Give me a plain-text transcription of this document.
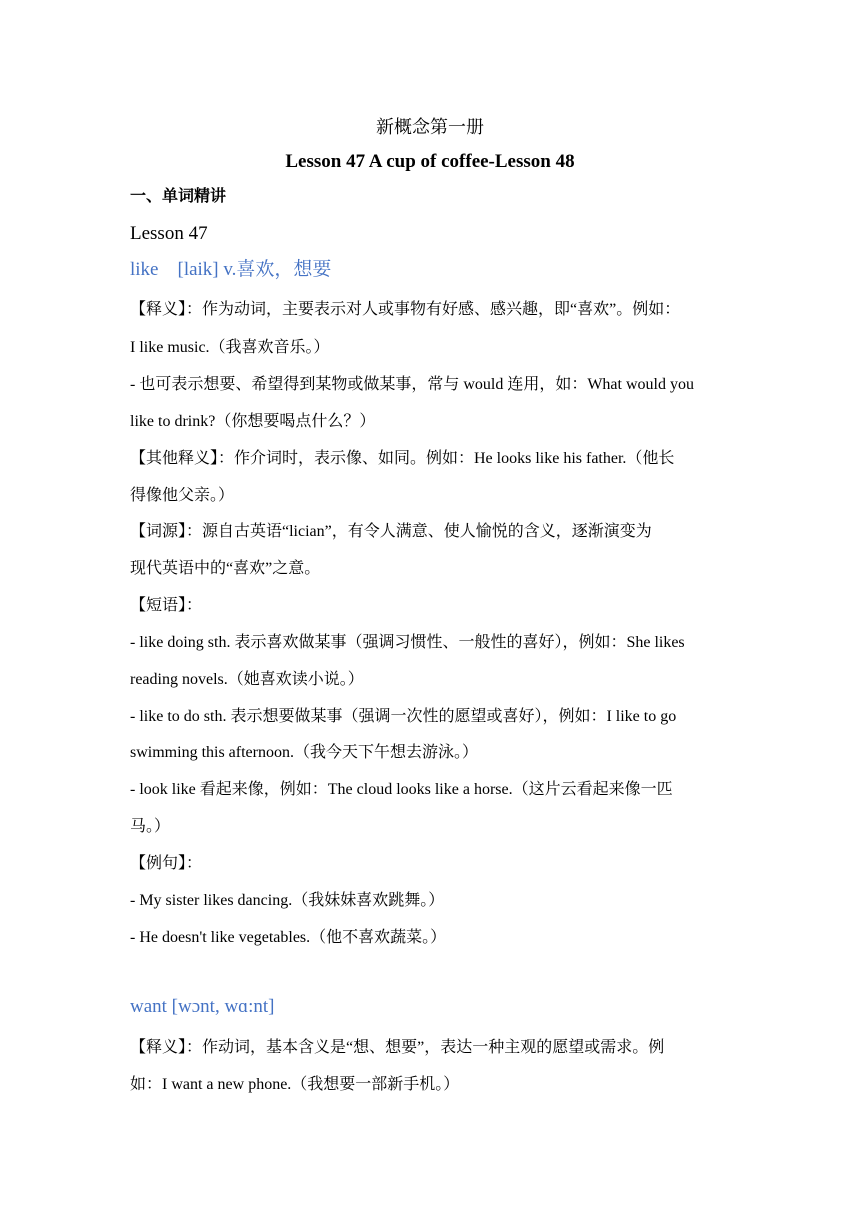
新概念第一册
Lesson 47 A cup of coffee-Lesson 48
一、单词精讲
Lesson 47
like　[laik] v.喜欢，想要
【释义】：作为动词，主要表示对人或事物有好感、感兴趣，即“喜欢”。例如：
I like music.（我喜欢音乐。）
- 也可表示想要、希望得到某物或做某事，常与 would 连用，如：What would you
like to drink?（你想要喝点什么？）
【其他释义】：作介词时，表示像、如同。例如：He looks like his father.（他长
得像他父亲。）
【词源】：源自古英语“lician”，有令人满意、使人愉悦的含义，逐渐演变为
现代英语中的“喜欢”之意。
【短语】：
- like doing sth. 表示喜欢做某事（强调习惯性、一般性的喜好），例如：She likes
reading novels.（她喜欢读小说。）
- like to do sth. 表示想要做某事（强调一次性的愿望或喜好），例如：I like to go
swimming this afternoon.（我今天下午想去游泳。）
- look like 看起来像，例如：The cloud looks like a horse.（这片云看起来像一匹
马。）
【例句】：
- My sister likes dancing.（我妹妹喜欢跳舞。）
- He doesn't like vegetables.（他不喜欢蔬菜。）
want [wɔnt, wɑ:nt]
【释义】：作动词，基本含义是“想、想要”，表达一种主观的愿望或需求。例
如：I want a new phone.（我想要一部新手机。）
